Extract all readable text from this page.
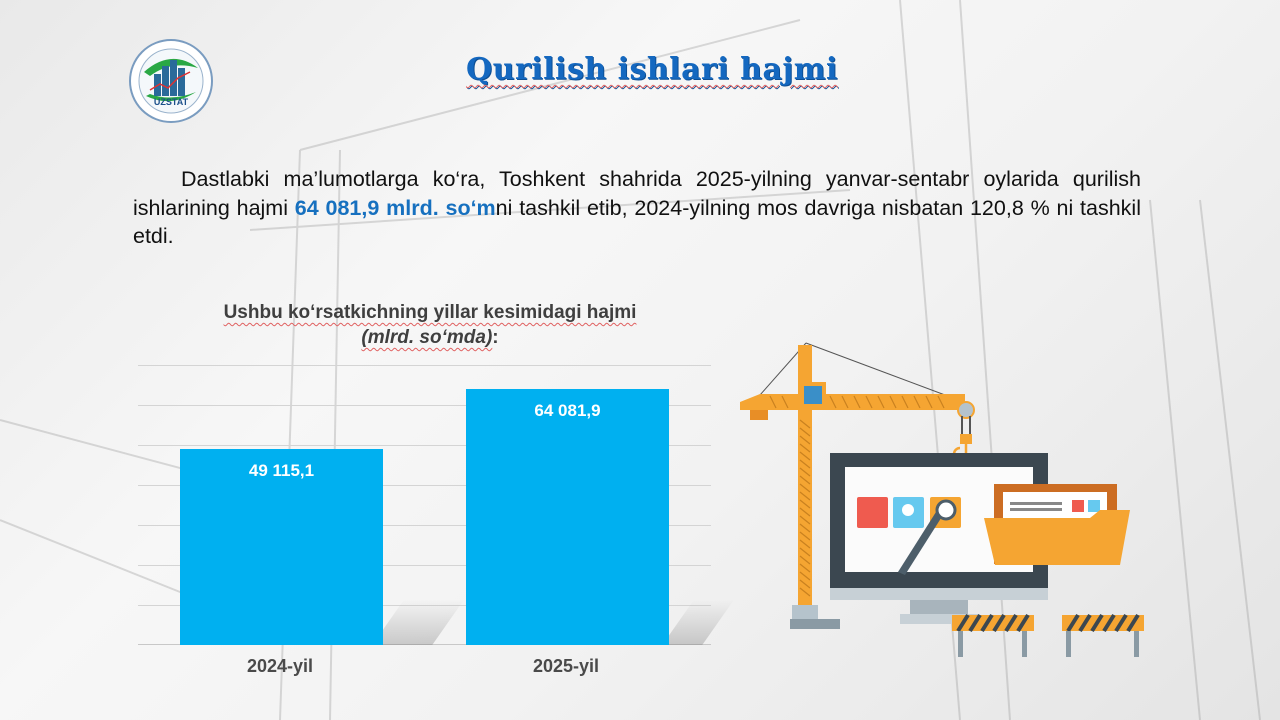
UZSTAT
Qurilish ishlari hajmi
Dastlabki ma’lumotlarga ko‘ra, Toshkent shahrida 2025-yilning yanvar-sentabr oylarida qurilish ishlarining hajmi 64 081,9 mlrd. so‘mni tashkil etib, 2024-yilning mos davriga nisbatan 120,8 % ni tashkil etdi.
Ushbu ko‘rsatkichning yillar kesimidagi hajmi
(mlrd. so‘mda):
49 115,1
64 081,9
2024-yil	2025-yil
